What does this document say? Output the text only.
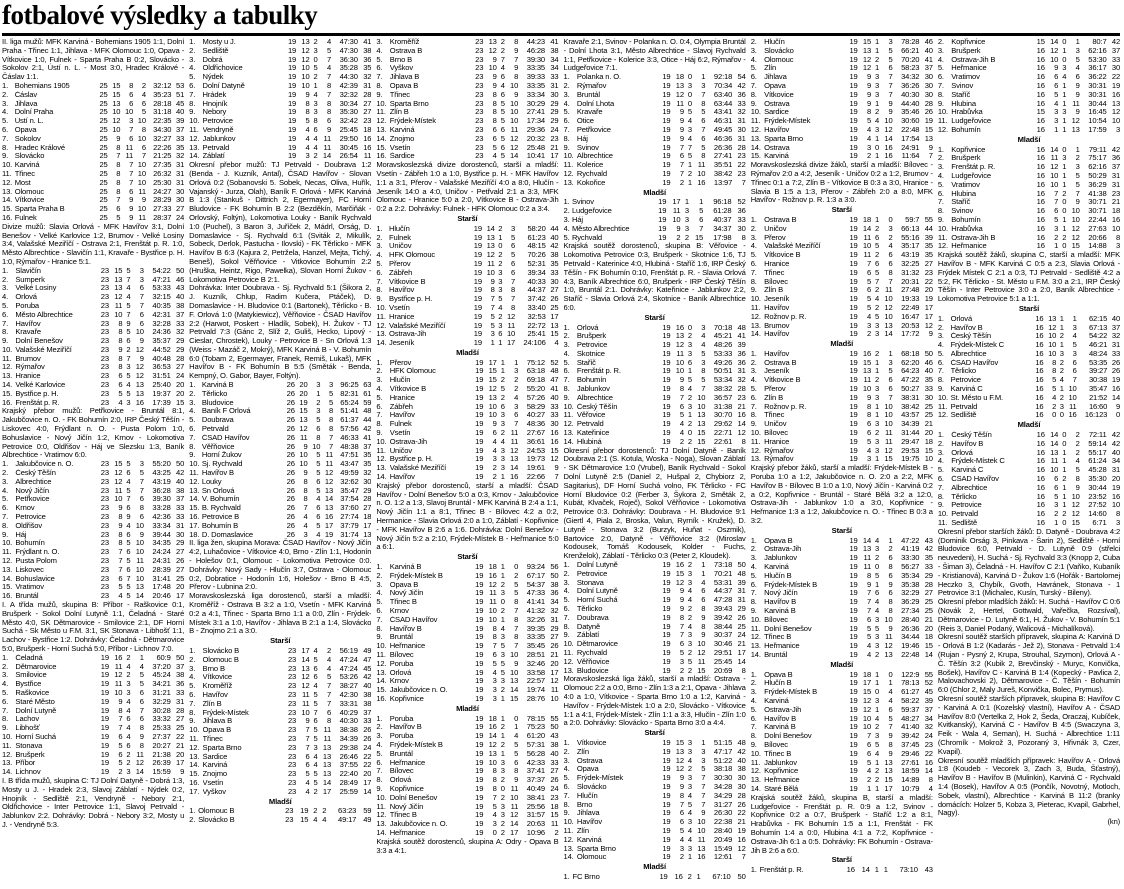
fotbalové výsledky a tabulky

II. liga mužů: MFK Karviná - Bohemians 1905 1:1, Dolní Praha - Třinec 1:1, Jihlava - MFK Olomouc 1:0, Opava - Vítkovice 1:0, Fulnek - Sparta Praha B 0:2, Slovácko - Sokolov 2:1, Ústí n. L. - Most 3:0, Hradec Králové - Čáslav 1:1.

1.	Bohemians 1905	25	15	8	2	32:12	53
2.	Čáslav	25	15	6	4	35:23	51
3.	Jihlava	25	13	6	6	28:18	45
4.	Dolní Praha	25	10	10	5	31:18	40
5.	Ústí n. L.	25	12	3	10	22:35	39
6.	Opava	25	10	7	8	34:30	37
7.	Sokolov	25	9	6	10	32:27	33
8.	Hradec Králové	25	8	11	6	22:26	35
9.	Slovácko	25	7	11	7	21:25	32
10.	Karviná	25	8	7	10	27:35	31
11.	Třinec	25	8	7	10	26:32	31
12.	Most	25	8	7	10	25:30	31
13.	Olomouc	25	8	6	11	24:27	30
14.	Vítkovice	25	7	9	9	28:29	30
15.	Sparta Praha B	25	6	9	10	27:33	27
16.	Fulnek	25	5	9	11	28:37	24

Divize mužů: Slavia Orlová - MFK Havířov 3:1, Dolní Benešov - Velké Karlovice 1:2, Brumov - Velké Losiny 3:4, Valašské Meziříčí - Ostrava 2:1, Frenštát p. R. 1:0, Město Albrechtice - Slavičín 1:1, Kravaře - Bystřice p. H. 1:0, Rýmařov - Hranice 5:1.

1.	Slavičín	23	15	5	3	54:22	50
2.	Šumperk	23	13	7	3	47:21	46
3.	Velké Losiny	23	13	4	6	53:33	43
4.	Orlová	23	12	4	7	32:15	40
5.	Poruba	23	11	5	7	40:35	38
6.	Město Albrechtice	23	10	7	6	42:31	37
7.	Havířov	23	8	9	6	32:28	33
8.	Kravaře	23	8	5	10	24:36	32
9.	Dolní Benešov	23	8	6	9	35:37	29
10.	Valašské Meziříčí	23	9	2	12	44:52	29
11.	Brumov	23	8	7	9	40:48	28
12.	Rýmařov	23	8	3	12	36:53	27
13.	Hranice	23	6	5	12	31:51	24
14.	Velké Karlovice	23	6	4	13	25:40	20
15.	Bystřice p. H.	23	5	5	13	19:37	20
16.	Frenštát p. R.	23	4	3	16	17:39	15

Krajský přebor mužů: Petřkovice - Bruntál 8:1, Jakubčovice n. O. - FK Bohumín 2:0, IRP Český Těšín - Liskovec 4:0, Frýdlant n. O. - Pusta Polom 1:0, Bohuslavice - Nový Jičín 1:2, Krnov - Lokomotiva Petrovice 0:0, Oldřišov - Háj ve Slezsku 1:3, Baník Albrechtice - Vratimov 6:0.

1.	Jakubčovice n. O.	23	15	5	3	55:20	50
2.	Český Těšín	23	12	6	5	43:25	42
3.	Albrechtice	23	12	4	7	43:19	40
4.	Nový Jičín	23	11	5	7	36:28	38
5.	Petřkovice	23	10	7	6	39:30	37
6.	Krnov	23	9	6	8	33:28	33
7.	Petrovice	23	8	9	6	42:36	33
8.	Oldřišov	23	9	4	10	33:34	31
9.	Háj	23	8	6	9	39:44	30
10.	Bohumín	23	8	5	10	34:35	29
11.	Frýdlant n. O.	23	7	6	10	24:24	27
12.	Pusta Polom	23	7	5	11	24:31	26
13.	Liskovec	23	7	6	10	28:39	27
14.	Bohuslavice	23	6	7	10	31:41	25
15.	Vratimov	23	5	5	13	17:48	20
16.	Bruntál	23	4	5	14	20:46	17

I. A třída mužů, skupina B: Příbor - Raškovice 0:1, Brušperk - Sokol Dolní Lutyně 1:1, Čeladná - Staré Město 4:0, SK Dětmarovice - Smilovice 2:1, DF Horní Suchá - Sk Město u F.M. 3:1, SK Stonava - Libhošť 1:1, Lachov - Bystřice 1:2. Dohrávky: Čeladná - Dětmarovice 5:0, Brušperk - Horní Suchá 5:0, Příbor - Lichnov 7:0.

1.	Čeladná	19	16	2	1	60:9	50
2.	Dětmarovice	19	11	4	4	37:20	37
3.	Smilovice	19	12	2	5	45:24	38
4.	Bystřice	19	11	3	5	34:21	36
5.	Raškovice	19	10	3	6	31:21	33
6.	Staré Město	19	9	4	6	32:29	31
7.	Dolní Lutyně	19	8	4	7	30:28	28
8.	Lachov	19	7	6	6	33:32	27
9.	Libhošť	19	7	4	8	25:33	25
10.	Horní Suchá	19	6	4	9	27:37	22
11.	Stonava	19	5	6	8	20:27	21
12.	Brušperk	19	6	2	11	21:38	20
13.	Příbor	19	5	2	12	26:39	17
14.	Lichnov	19	2	3	14	15:59	9

I. B třída mužů, skupina C: TJ Dolní Datyně - Dobrá 1:3, Mosty u J. - Hradek 2:3, Slavoj Záblatí - Nýdek 0:2, Hnojník - Sedliště 2:1, Vendryně - Nebory 2:1, Oldřichovice - Inter Petrovice 1:1, Slavoj Petrvald - Jablunkov 2:2. Dohrávky: Dobrá - Nebory 3:2, Mosty u J. - Vendryně 5:3.

1.	Mosty u J.	19	13	2	4	47:30	41
2.	Sedliště	19	12	3	5	47:30	38
3.	Dobrá	19	12	0	7	36:30	36
4.	Oldřichovice	19	10	5	4	35:28	35
5.	Nýdek	19	10	2	7	44:30	32
6.	Dolní Datyně	19	10	1	8	42:39	31
7.	Hrádek	19	9	4	7	32:32	28
8.	Hnojník	19	8	3	8	30:34	27
9.	Nebory	19	8	3	8	35:30	27
10.	Petrovice	19	5	8	6	32:42	23
11.	Vendryně	19	4	6	9	25:45	18
12.	Jablunkov	19	4	4	11	29:50	16
13.	Petrvald	19	4	4	11	30:45	16
14.	Záblatí	19	3	2	14	26:54	11

Okresní přebor mužů: TJ Petrvald - Doubrava 1:2 (Benda - J. Kuzník, Antal), ČSAD Havířov - Slovan Orlová 0:2 (Sobanovski 5. Sobek, Necas, Oliva, Huřík, Vajanský - Jurza, Olah), Baník F. Orlová - MFK Karviná B 1:3 (Stankuš - Dittrich 2, Egermayer), FC Horní Bludovice - FK Bohumín B 2:2 (Bezděkín, Marčiňák - Orlovský, Foltýn), Lokomotiva Louky - Baník Rychvald 1:0 (Puchel), 3 Baron 3, Juříček 2, Mádrl, Orság, D. Domaslavice - Sj. Rychvald 6:1 (Sviták 2, Mikulík, Sobeck, Derlok, Pastucha - Ilovski) - FK Těrlicko - MFK Havířov B 6:3 (Kajura 2, Petržela, Hanzel, Mejta, Tichý, Beneš), Sokol Věřňovice - Vitkovice Bohumín 2:2 (Hruška, Heintz, Rigo, Pawelka), Slovan Horní Žukov - Lokomotiva Petrovice B 2:1.

Dohrávka: Inter Doubrava - Sj. Rychvald 5:1 (Šikora 2, J. Kuzník, Chlup, Radim Kučera, Ptáček), D. Domaslavice - H. Bludovice 0:1 (Bartonek), Těrlicko - B. F. Orlová 1:0 (Matykiewicz), Věřňovice - ČSAD Havířov 2:2 (Harwot, Poskert - Hladík, Sobek), H. Žukov - TJ Petrvald 7:3 (Gánc 2, Slíž 2, Guliš, Hecko, Lipový - Cieslar, Chrostek), Louky - Petrovice B - Sn Orlová 1:3 (Weiss - Mazáč 2, Mokrý), MFK Karviná B - V. Bohumín 6:0 (Tobam 2, Egermayer, Franek, Remiš, Lukaš), MFK Havířov B - FK Bohumín B 5:5 (Směták - Benda, Kempný, O. Gabor, Bayer, Foltýn).

1.	Karviná B	26	20	3	3	96:25	63
2.	Těrlicko	26	20	1	5	82:31	61
3.	Bludovice	26	19	2	5	65:24	59
4.	Baník F Orlová	26	15	3	8	51:41	48
5.	Doubrava	26	13	5	8	61:37	44
6.	Petrvald	26	12	6	8	57:56	42
7.	ČSAD Havířov	26	11	8	7	46:33	41
8.	Věřňovice	26	9	10	7	48:38	37
9.	Horní Žukov	26	10	5	11	47:51	35
10.	Sj. Rychvald	26	10	5	11	43:47	35
11.	Havířov B	26	9	5	12	49:59	32
12.	Louky	26	8	6	12	32:62	30
13.	Sn Orlová	26	8	5	13	35:47	29
14.	V. Bohumín	26	8	4	14	37:54	28
15.	B. Rychvald	26	7	6	13	37:60	27
16.	Petrovice B	26	4	6	16	27:74	18
17.	Bohumín B	26	4	5	17	37:79	17
18.	D. Domaslavice	26	3	4	19	31:74	13

II. liga žen, skupina Morava: ČSAD Havířov - Nový Jičín 4:2, Luhačovice - Vítkovice 4:0, Brno - Zlín 1:1, Hodonín - Holešov 0:1, Olomouc - Lokomotiva Petrovice 0:0. Dohrávky: Nový Sady - Hlučín 3:7, Ostrava - Olomouc 0:2, Dobratice - Hodonín 1:6, Holešov - Brno B 4:5, Přerov - Lubnina 2:0.

Moravskoslezská liga dorostenců, starší a mladší: Kroměříž - Ostrava B 3:2 a 1:0, Vsetín - MFK Karviná 0:2 a 4:1, Třinec - Sparta Brno 1:1 a 0:0, Zlín - Frýdek-Místek 3:1 a 1:0, Havířov - Jihlava B 2:1 a 1:4, Slovácko B - Znojmo 2:1 a 3:0.

Starší
1.	Slovácko B	23	17	4	2	56:19	49
2.	Olomouc B	23	14	5	4	47:24	47
3.	Brno B	23	13	6	4	47:24	45
4.	Vítkovice	23	12	6	5	53:26	42
5.	Kroměříž	23	12	4	7	38:27	40
6.	Havířov	23	11	5	7	42:30	38
7.	Zlín B	23	11	5	7	33:31	38
8.	Frýdek-Místek	23	10	7	6	40:29	37
9.	Jihlava B	23	9	6	8	40:30	33
10.	Opava B	23	7	5	11	38:38	26
11.	Třinec	23	7	5	11	34:39	26
12.	Sparta Brno	23	7	3	13	29:38	24
13.	Šardice	23	6	4	13	26:46	22
14.	Karviná	23	6	4	13	37:55	22
15.	Znojmo	23	5	5	13	22:40	20
16.	Vsetín	23	4	5	14	28:49	17
17.	Vyškov	23	4	2	17	25:59	14
Mladší
1.	Olomouc B	23	19	2	2	63:23	59
2.	Slovácko B	23	15	4	4	49:17	49
3.	Kroměříž	23	13	2	8	44:23	41
4.	Ostrava B	23	12	2	9	46:28	38
5.	Brno B	23	9	7	7	39:30	34
6.	Vyškov	23	10	4	9	33:35	34
7.	Jihlava B	23	9	6	8	39:33	33
8.	Opava B	23	9	4	10	33:35	31
9.	Třinec	23	8	6	9	33:34	30
10.	Sparta Brno	23	8	5	10	30:29	29
11.	Zlín B	23	8	5	10	27:41	29
12.	Frýdek-Místek	23	8	5	10	17:34	29
13.	Karviná	23	6	6	11	29:36	24
14.	Znojmo	23	6	5	12	20:32	23
15.	Vsetín	23	5	6	12	25:48	21
16.	Šardice	23	4	5	14	10:41	17

Moravskoslezská divize dorostenců, starší a mladší: Vsetín - Zábřeh 1:0 a 1:0, Bystřice p. H. - MFK Havířov 1:1 a 3:1, Přerov - Valašské Meziříčí 4:0 a 8:0, Hlučín - Jeseník 14:0 a 4:0, Uničov - Petřvald 2:1 a 3:3, MFK Olomouc - Hranice 5:0 a 2:0, Vítkovice B - Ostrava-Jih 0:2 a 2:2. Dohrávky: Fulnek - HFK Olomouc 0:2 a 3:4.

Starší
1.	Hlučín	19	14	2	3	58:20	44
2.	Fulnek	19	13	1	5	61:23	40
3.	Uničov	19	13	0	6	48:15	42
4.	HFK Olomouc	19	12	2	5	70:26	38
5.	Přerov	19	11	2	6	52:31	35
6.	Zábřeh	19	10	3	6	39:34	33
7.	Vítkovice B	19	9	3	7	40:33	30
8.	Havířov	19	8	3	8	44:37	27
9.	Bystřice p. H.	19	7	5	7	37:42	26
10.	Vsetín	19	7	4	8	33:40	25
11.	Hranice	19	5	2	12	32:53	17
12.	Valašské Meziříčí	19	5	3	11	22:72	13
13.	Ostrava-Jih	19	3	6	10	25:41	15
14.	Jeseník	19	1	1	17	24:106	4
Mladší
1.	Přerov	19	17	1	1	75:12	52
2.	HFK Olomouc	19	15	1	3	63:18	48
3.	Hlučín	19	15	2	2	69:18	47
4.	Vítkovice B	19	12	5	2	55:20	41
5.	Hranice	19	13	2	4	57:26	40
6.	Zábřeh	19	10	6	3	58:29	33
7.	Havířov	19	10	3	6	40:27	33
8.	Fulnek	19	9	3	7	48:36	30
9.	Vsetín	19	6	2	11	27:67	16
10.	Ostrava-Jih	19	4	4	11	36:61	16
11.	Uničov	19	4	3	12	24:53	15
12.	Bystřice p. H.	19	3	3	13	19:73	12
13.	Valašské Meziříčí	19	2	3	14	19:61	9
14.	Havířov	19	2	1	16	22:66	7

Krajský přebor dorostenců, starší a mladší: ČSAD Havířov - Dolní Benešov 5:0 a 0:3, Krnov - Jakubčovice n. O. 1:2 a 1:3, Slavoj Bruntál - MFK Karviná B 2:4 a 1:1, Nový Jičín 1:1 a 8:1, Třinec B - Bílovec 4:2 a 0:2, Hermanice - Slavia Orlová 2:0 a 1:0, Záblatí - Kopřivnice - MFK Havířov B 2:6 a 1:6. Dohrávka: Dolní Benešov - Nový Jičín 5:2 a 2:10, Frýdek-Místek B - Heřmanice 5:0 a 6:1.

Starší
1.	Karviná B	19	18	1	0	93:24	56
2.	Frýdek-Místek B	19	16	1	2	67:17	50
3.	Opava B	19	12	2	5	54:37	38
4.	Nový Jičín	19	11	3	5	47:33	36
5.	Třinec B	19	11	0	8	41:41	34
6.	Krnov	19	10	2	7	41:32	32
7.	ČSAD Havířov	19	10	1	8	32:26	31
8.	Havířov B	19	8	4	7	39:35	29
9.	Bruntál	19	8	3	8	33:35	27
10.	Heřmanice	19	7	5	7	35:45	26
11.	Bílovec	19	6	3	10	28:51	21
12.	Poruba	19	5	5	9	32:46	20
13.	Orlová	19	4	5	10	33:58	17
14.	Krnov	19	3	3	13	22:57	12
15.	Jakubčovice n. O.	19	3	2	14	19:74	11
16.	Kopřivnice	19	3	1	15	28:76	10
Mladší
1.	Poruba	19	18	1	0	78:15	55
2.	Havířov B	19	16	2	1	75:23	50
3.	Poruba	19	14	1	4	61:20	43
4.	Frýdek-Místek B	19	12	2	5	57:31	38
5.	Bruntál	19	13	1	5	56:28	40
6.	Heřmanice	19	10	3	6	42:33	33
7.	Bílovec	19	8	3	8	37:41	27
8.	Orlová	19	8	2	9	37:37	26
9.	Kopřivnice	19	8	0	11	40:49	24
10.	Dolní Benešov	19	7	2	10	38:41	23
11.	Nový Jičín	19	5	3	11	25:56	18
12.	Třinec B	19	4	3	12	31:57	15
13.	Jakubčovice n. O.	19	3	2	14	20:63	11
14.	Heřmanice	19	0	2	17	10:96	2

Krajská soutěž dorostenců, skupina A: Odry - Opava B 3:3 a 4:1.

Kravaře 2:1, Svinov - Polanka n. O. 0:4, Olympia Bruntál - Dolní Lhota 3:1, Město Albrechtice - Slavoj Rychvald 1:1, Petřkovice - Kolerice 3:3, Otice - Háj 6:2, Rýmařov - Ludgeřovice 7:1.

1.	Polanka n. O.	19	18	0	1	92:18	54
2.	Rýmařov	19	13	3	3	70:34	42
3.	Bruntál	19	12	0	7	63:40	36
4.	Dolní Lhota	19	11	0	8	63:44	33
5.	Kravaře	19	9	5	5	43:41	32
6.	Otice	19	9	4	6	46:31	31
7.	Petřkovice	19	9	3	7	49:45	30
8.	Háj	19	9	4	6	46:36	31
9.	Svinov	19	7	7	5	26:36	28
10.	Albrechtice	19	6	5	8	27:41	23
11.	Kolerice	19	7	1	11	35:51	22
12.	Rychvald	19	7	2	10	38:42	23
13.	Kokořice	19	2	1	16	13:97	7
Mladší
1.	Svinov	19	17	1	1	96:18	52
2.	Ludgeřovice	19	11	3	5	61:28	36
3.	Háj	19	10	3	6	40:37	33
4.	Město Albrechtice	19	9	3	7	34:37	30
5.	Rychvald	19	2	2	15	17:98	8

Krajská soutěž dorostenců, skupina B: Věřovice - Lokomotiva Petrovice 0:3, Brušperk - Skotnice 1:6, TJ Petrvald - Katerinice 4:0, Hlubiná - Staříč 1:6, IRP Český Těšín - FK Bohumín 0:10, Frenštát p. R. - Slavia Orlová 4:3, Baník Albrechtice 6:0, Brušperk - IRP Český Těšín 1:0, Bruntál 2:1. Dohrávky: Kateřinice - Jablunkov 2:2, Staříč - Slavia Orlová 2:4, Skotnice - Baník Albrechtice 6:0.

Starší
1.	Orlová	19	16	0	3	70:18	48
2.	Brušperk	19	13	2	4	45:21	41
3.	Petrovice	19	12	3	4	48:26	39
4.	Skotnice	19	11	3	5	53:33	36
5.	Staříč	19	10	6	3	49:26	36
6.	Frenštát p. R.	19	10	1	8	50:51	31
7.	Bohumín	19	9	5	5	53:34	32
8.	Jablunkov	19	8	4	7	38:32	28
9.	Albrechtice	19	7	2	10	36:57	23
10.	Český Těšín	19	6	3	10	31:38	21
11.	Věřovice	19	5	1	13	30:70	16
12.	Petrvald	19	4	2	13	29:62	14
13.	Kateřinice	19	4	0	15	22:71	12
14.	Hlubiná	19	2	2	15	22:61	8

Okresní přebor dorostenců: TJ Dolní Datyně - Baník Doubrava 2:1 (S. Kotula, Woska - Noga), Slovan Záblatí - SK Dětmarovice 1:0 (Vrubel), Baník Rychvald - Sokol Dolní Lutyně 2:5 (Daniel 2, Hušpal 2, Chybiorz 2, Sagitarius), DF Horní Suchá volno, FK Těrlicko - FC Horní Bludovice 0:2 (Ferber 3, Šykora 2, Směták 2, Kubát, Klvaček, Roječ), Sokol Věřňovice - Lokomotiva Petrovice 0:3. Dohrávky: Doubrava - H. Bludovice 9:1 (Giertl 4, Piala 2, Broska, Valun, Ryrník - Kružek), D. Lutyně - Stonava 3:2 (Burzyk, Huňat - Oszmik), Bartovice 2:0, Datyně - Věřňovice 3:2 (Miroslav Kodousek, Tomáš Kodousek, Kolder - Fuchs, Krenželok), Záblatí - Těrlicko 0:3 (Peter 2, Kloudek).

1.	Dolní Lutyně	19	16	2	1	73:18	50
2.	Petrovice	19	15	3	1	70:21	48
3.	Stonava	19	12	3	4	53:31	39
4.	Dolní Lutyně	19	9	4	6	44:37	31
5.	Horní Suchá	19	9	4	6	47:28	31
6.	Těrlicko	19	9	2	8	39:43	29
7.	Doubrava	19	8	2	9	39:42	26
8.	Datyně	19	7	4	8	38:44	25
9.	Záblatí	19	7	3	9	30:37	24
10.	Dětmarovice	19	6	3	10	30:46	21
11.	Rychvald	19	5	2	12	29:51	17
12.	Věřňovice	19	3	5	11	25:45	14
13.	Bludovice	19	2	2	15	20:69	8

Moravskoslezská liga žáků, starší a mladší: Ostrava - Olomouc 2:2 a 0:0, Brno - Zlín 1:3 a 2:1, Opava - Jihlava 4:0 a 1:0, Vítkovice - Sparta Brno 1:0 a 1:2, Karviná - Havířov - Frýdek-Místek 1:0 a 2:0, Slovácko - Vítkovice 1:1 a 4:1, Frýdek-Místek - Zlín 1:1 a 3:3, Hlučín - Zlín 1:0 a 2:0. Dohrávky: Slovácko - Sparta Brno 3:0 a 4:4.

Starší
1.	Vítkovice	19	15	3	1	51:15	48
2.	Zlín	19	13	3	3	47:17	42
3.	Ostrava	19	12	4	3	51:22	40
4.	Opava	19	12	2	5	38:18	38
5.	Frýdek-Místek	19	9	3	7	30:30	30
6.	Slovácko	19	9	3	7	34:28	30
7.	Hlučín	19	8	4	7	34:29	28
8.	Brno	19	7	5	7	31:27	26
9.	Jihlava	19	6	4	9	26:30	22
10.	Havířov	19	6	3	10	22:38	21
11.	Zlín	19	5	4	10	28:40	19
12.	Karviná	19	4	4	11	20:49	16
13.	Sparta Brno	19	3	3	13	15:49	12
14.	Olomouc	19	2	1	16	12:61	7
Mladší
1.	FC Brno	19	16	2	1	67:10	50
2.	Hlučín	19	15	1	3	78:28	46
3.	Slovácko	19	13	1	5	66:21	40
4.	Olomouc	19	12	2	5	70:20	41
5.	Zlín	19	12	1	6	58:23	37
6.	Jihlava	19	9	3	7	34:32	30
7.	Opava	19	9	3	7	36:26	30
8.	Vítkovice	19	9	3	7	40:30	30
9.	Ostrava	19	9	1	9	44:40	28
10.	Sardice	19	8	2	9	35:46	26
11.	Frýdek-Místek	19	5	4	10	30:60	19
12.	Havířov	19	4	3	12	22:48	15
13.	Sparta Brno	19	4	1	14	17:54	13
14.	Ostrava	19	3	0	16	24:91	9
15.	Karviná	19	2	1	16	11:64	7

Moravskoslezská divize žáků, starší a mladší: Bílovec - Rýmařov 2:0 a 4:2, Jeseník - Uničov 0:2 a 1:2, Brumov - Třinec 0:1 a 7:2, Zlín B - Vítkovice B 0:3 a 3:0, Hranice - Slavia B 1:5 a 1:3, Přerov - Zábřeh 2:0 a 8:0, MFK Havířov - Rožnov p. R. 1:3 a 3:0.

Starší
1.	Ostrava B	19	18	1	0	59:7	55
2.	Uničov	19	14	2	3	66:13	44
3.	Přerov	19	11	6	2	55:16	39
4.	Valašské Meziříčí	19	10	5	4	35:17	35
5.	Vítkovice B	19	11	2	6	43:19	35
6.	Hranice	19	7	6	6	32:25	27
7.	Třinec	19	6	5	8	31:32	23
8.	Bílovec	19	5	7	7	20:31	22
9.	Zlín B	19	6	2	11	27:48	20
10.	Jeseník	19	5	4	10	19:33	19
11.	Havířov	19	5	2	12	22:49	17
12.	Rožnov p. R.	19	4	5	10	16:47	17
13.	Brumov	19	3	3	13	20:53	12
14.	Havířov	19	2	3	14	17:72	9
Mladší
1.	Havířov	19	16	2	1	68:18	50
2.	Ostrava B	19	15	1	3	62:20	46
3.	Jeseník	19	13	1	5	64:23	40
4.	Vítkovice B	19	11	2	6	47:22	35
5.	Přerov	19	10	3	6	50:27	33
6.	Zlín B	19	9	3	7	38:31	30
7.	Rožnov p. R.	19	8	1	10	38:42	25
8.	Třinec	19	8	1	10	43:57	25
9.	Uničov	19	6	3	10	34:39	21
10.	Bílovec	19	6	2	11	31:44	20
11.	Hranice	19	5	3	11	29:47	18
12.	Rýmařov	19	4	3	12	29:53	15
13.	Rýmařov	19	3	1	15	19:75	10

Krajský přebor žáků, starší a mladší: Frýdek-Místek B - Poruba 1:0 a 1:2, Jakubčovice n. O. 2:0 a 2:2, MFK Havířov B - Bílovec B 1:0 a 1:0, Nový Jičín - Karviná 0:2 a 0:2, Kopřivnice - Bruntál - Staré Bělá 3:2 a 12:0, Ostrava-Jih - Jablunkov 1:0 a 3:0, Kopřivnice - Heřmanice 1:3 a 1:2, Jakubčovice n. O. - Třinec B 0:3 a 3:2.

Starší
1.	Opava B	19	14	4	1	47:22	43
2.	Ostrava-Jih	19	13	3	2	41:19	42
3.	Jablunkov	19	11	2	6	33:30	35
4.	Karviná	19	11	0	8	56:27	33
5.	Hlučín B	19	8	5	6	35:34	29
6.	Frýdek-Místek B	19	9	1	9	35:38	28
7.	Nový Jičín	19	7	6	6	32:29	27
8.	Havířov B	19	7	4	8	36:29	25
9.	Karviná B	19	7	4	8	27:34	25
10.	Bílovec	19	6	3	10	28:40	21
11.	Dolní Benešov	19	5	5	9	26:36	20
12.	Třinec B	19	5	3	11	34:44	18
13.	Heřmanice	19	4	3	12	19:46	15
14.	Bruntál	19	4	2	13	22:48	14
Mladší
1.	Opava B	19	18	1	0	122:9	55
2.	Hlučín B	19	17	1	1	78:13	52
3.	Frýdek-Místek B	19	15	0	4	61:27	45
4.	Karviná	19	12	3	4	58:22	39
5.	Ostrava-Jih	19	12	1	6	59:37	37
6.	Havířov B	19	10	4	5	48:27	34
7.	Karviná B	19	10	2	7	41:40	32
8.	Dolní Benešov	19	7	3	9	39:42	24
9.	Bílovec	19	6	5	8	37:45	23
10.	Třinec B	19	6	4	9	29:46	22
11.	Jablunkov	19	5	1	13	27:61	16
12.	Kopřivnice	19	4	2	13	18:59	14
13.	Heřmanice	19	2	2	15	14:89	8
14.	Staré Bělá	19	1	1	17	10:79	4

Krajská soutěž žáků, skupina B, starší a mladší: Ludgeřovice - Frenštát p. R. 0:9 a 1:2, Svinov - Kopřivnice 0:2 a 0:7, Brušperk - Staříč 1:2 a 8:1, Hrabůvka - FK Bohumín 1:5 a 1:1, Frenštát - FK Bohumín 1:4 a 0:0, Hlubina 4:1 a 7:2, Kopřivnice - Ostrava-Jih 6:1 a 0:5. Dohrávky: FK Bohumín - Ostrava-Jih B 2:6 a 6:0.

Starší
1.	Frenštát p. R.	16	14	1	1	73:10	43
2.	Kopřivnice	15	14	0	1	80:7	42
3.	Brušperk	16	12	1	3	62:16	37
4.	Ostrava-Jih B	16	10	0	5	53:30	33
5.	Heřmanice	16	9	3	4	36:17	30
6.	Vratimov	16	6	4	6	36:22	22
7.	Svinov	16	6	1	9	30:31	19
8.	Staříč	16	5	1	9	30:31	16
9.	Hlubina	16	4	1	11	30:44	13
10.	Hrabůvka	15	3	3	9	16:45	12
11.	Ludgeřovice	16	3	1	12	10:54	10
12.	Bohumín	16	1	1	13	17:59	3
Mladší
1.	Kopřivnice	16	14	0	1	79:11	42
2.	Brušperk	16	11	3	2	75:17	36
3.	Frenštát p. R.	16	12	1	3	62:16	37
4.	Ludgeřovice	16	10	1	5	50:29	31
5.	Vratimov	16	10	1	5	36:29	31
6.	Hlubina	16	7	2	7	41:38	23
7.	Staříč	16	7	0	9	30:71	21
8.	Svinov	16	6	0	10	30:71	18
9.	Bohumín	16	5	1	10	22:44	16
10.	Hrabůvka	16	3	1	12	27:63	10
11.	Ostrava-Jih B	16	2	2	12	20:66	8
12.	Heřmanice	16	1	0	15	14:88	3

Krajská soutěž žáků, skupina C, starší a mladší: MFK Havířov B - MFK Karviná C 0:5 a 2:3, Slavia Orlová - Frýdek Místek C 2:1 a 0:3, TJ Petrvald - Sedliště 4:2 a 5:2, FK Těrlicko - St. Město u F.M. 3:0 a 2:1, IRP Český Těšín - Inter Petrovice 3:0 a 2:0, Baník Albrechtice - Lokomotiva Petrovice 5:1 a 1:1.

Starší
1.	Orlová	16	13	1	1	62:15	40
2.	Havířov B	16	12	1	3	67:13	37
3.	Český Těšín	16	10	2	4	54:22	32
4.	Frýdek-Místek C	16	10	1	5	46:21	31
5.	Albrechtice	16	10	3	3	48:24	33
6.	ČSAD Havířov	16	8	2	6	53:35	26
7.	Těrlicko	16	8	2	6	39:27	26
8.	Petrovice	16	5	4	7	30:38	19
9.	Karviná C	16	5	1	10	35:47	16
10.	St. Město u F.M.	16	4	2	10	21:52	14
11.	Petrvald	16	2	3	11	16:60	9
12.	Sedliště	16	0	0	16	16:123	0
Mladší
1.	Český Těšín	16	14	0	2	72:11	42
2.	Havířov B	16	14	0	2	59:14	42
3.	Orlová	16	13	1	2	55:17	40
4.	Frýdek-Místek C	16	11	1	4	61:24	34
5.	Karviná C	16	10	1	5	45:28	31
6.	ČSAD Havířov	16	6	2	8	35:30	20
7.	Albrechtice	16	6	1	9	30:44	19
8.	Těrlicko	16	5	1	10	23:52	16
9.	Petrovice	16	3	1	12	27:52	10
10.	Petrvald	16	2	2	12	14:60	8
11.	Sedliště	16	1	0	15	6:71	3

Okresní přebor starších žáků: D. Datyně - Doubrava 4:2 (Dominik Orság 3, Pinkava - Šarin 2), Sedliště - Horní Bludovice 6:0, Petrvald - D. Lutyně 0:9 (střelci neuvedeni), H. Suchá - Sj. Rychvald 3:3 (Knopp 2, Cuba - Šiman 3), Čeladná - H. Havířov C 2:1 (Vaňko, Kubaník - Kristianová), Karviná D - Žukov 1:6 (Hořák - Bartolomej Heczko 3, Chybík, Gvoth, Havránek, Stonava - 1 Petrovice 3:1 (Michalec, Kusín, Turský - Bileny).

Okresní přebor mladších žáků: H. Suchá - Havířov C 0:6 (Novák 2, Hertel, Gottwald, Vařečka, Rozsíval), Dětmarovice - D. Lutyně 6:1, H. Žukov - V. Bohumín 5:1 (Reis 3, Daniel Podaný, Walicová - Michalíková).

Okresní soutěž starších přípravek, skupina A: Karviná D - Orlová B 1:2 (Kadarás - Jež 2), Stonava - Petrvald 1:4 (Rujan - Pysný 2, Krupa, Strouhal, Szymon), Orlová A - Č. Těšín 3:2 (Kubik 2, Brevčinský - Muryc, Konvička, Bošek), Havířov C - Karviná B 1:4 (Kopecký - Pavlica 2, Malovachovski 2), Dětmarovice - Č. Těšín - Bohumín 6:0 (Chlor 2, Maly Jureš, Konvička, Bolec, Prymus).

Okresní soutěž starších přípravek, skupina B: Havířov C - Karviná A 0:1 (Kozelský vlastní), Havířov A - ČSAD Havířov 8:0 (Vertelka 2, Hok 2, Šeda, Oraczaj, Kubíček, Kvitkanský), Karviná C - Havířov B 4:5 (Swaczyna 3, Feik - Wala 4, Seman), H. Suchá - Albrechtice 1:11 (Chromík - Mokrož 3, Pozoraný 3, Hřivnák 3, Czer, Kvapil).

Okresní soutěž mladších přípravek: Havířov A - Orlová 1:8 (Koudeb - Vecorek 3, Zach 3, Buda, Šťastný), Havířov B - Havířov B (Mulinkin), Karviná C - Rychvald 1:4 (Bosek), Havířov A 0:5 (Pončík, Novotný, Motloch, Sobek, vlastní), Albrechtice - Karviná B 11:2 (branky domácích: Holzer 5, Kobza 3, Pieterac, Kvapil, Gabrhel, Nagy).

(kn)
